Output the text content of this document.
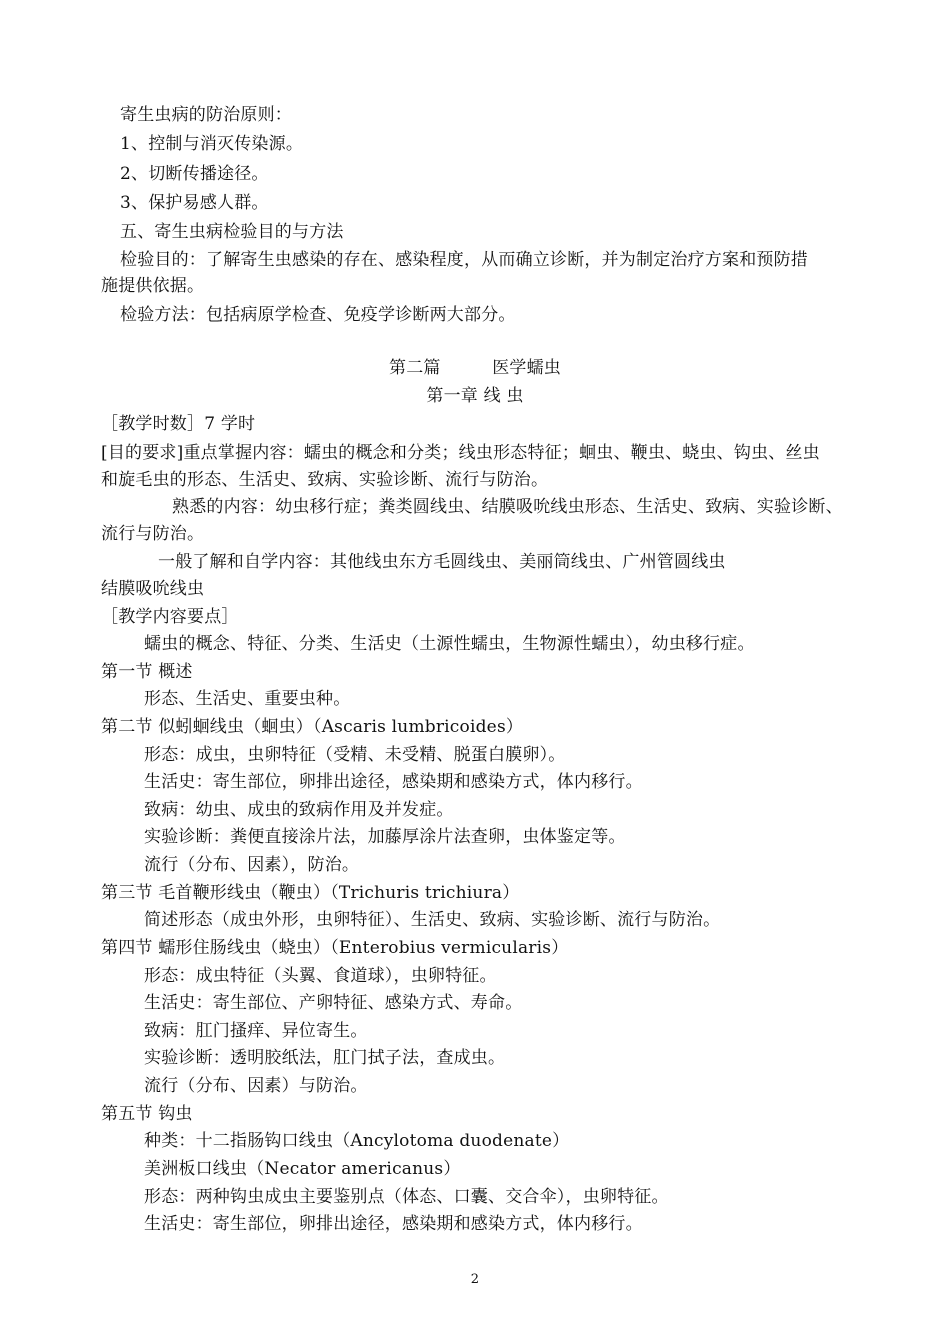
寄生虫病的防治原则：
1、控制与消灭传染源。
2、切断传播途径。
3、保护易感人群。
五、寄生虫病检验目的与方法
检验目的：了解寄生虫感染的存在、感染程度，从而确立诊断，并为制定治疗方案和预防措
施提供依据。
检验方法：包括病原学检查、免疫学诊断两大部分。
第二篇　　　医学蠕虫
第一章 线 虫
［教学时数］7 学时
[目的要求]重点掌握内容：蠕虫的概念和分类；线虫形态特征；蛔虫、鞭虫、蛲虫、钩虫、丝虫
和旋毛虫的形态、生活史、致病、实验诊断、流行与防治。
熟悉的内容：幼虫移行症；粪类圆线虫、结膜吸吮线虫形态、生活史、致病、实验诊断、
流行与防治。
一般了解和自学内容：其他线虫东方毛圆线虫、美丽筒线虫、广州管圆线虫
结膜吸吮线虫
［教学内容要点］
蠕虫的概念、特征、分类、生活史（土源性蠕虫，生物源性蠕虫），幼虫移行症。
第一节 概述
形态、生活史、重要虫种。
第二节 似蚓蛔线虫（蛔虫）（Ascaris lumbricoides）
形态：成虫，虫卵特征（受精、未受精、脱蛋白膜卵）。
生活史：寄生部位，卵排出途径，感染期和感染方式，体内移行。
致病：幼虫、成虫的致病作用及并发症。
实验诊断：粪便直接涂片法，加藤厚涂片法查卵，虫体鉴定等。
流行（分布、因素），防治。
第三节 毛首鞭形线虫（鞭虫）（Trichuris trichiura）
简述形态（成虫外形，虫卵特征）、生活史、致病、实验诊断、流行与防治。
第四节 蠕形住肠线虫（蛲虫）（Enterobius vermicularis）
形态：成虫特征（头翼、食道球），虫卵特征。
生活史：寄生部位、产卵特征、感染方式、寿命。
致病：肛门搔痒、异位寄生。
实验诊断：透明胶纸法，肛门拭子法，查成虫。
流行（分布、因素）与防治。
第五节 钩虫
种类：十二指肠钩口线虫（Ancylotoma duodenate）
美洲板口线虫（Necator americanus）
形态：两种钩虫成虫主要鉴别点（体态、口囊、交合伞），虫卵特征。
生活史：寄生部位，卵排出途径，感染期和感染方式，体内移行。
2
